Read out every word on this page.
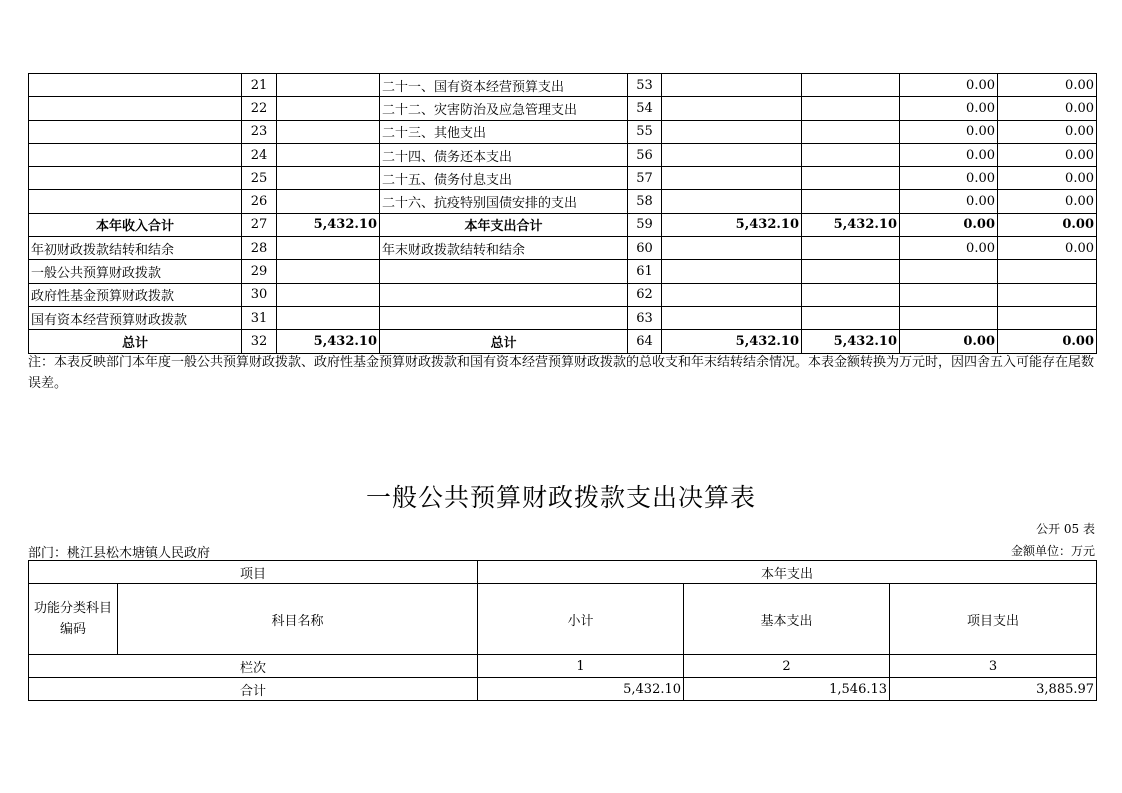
	21		二十一、国有资本经营预算支出	53			0.00	0.00
	22		二十二、灾害防治及应急管理支出	54			0.00	0.00
	23		二十三、其他支出	55			0.00	0.00
	24		二十四、债务还本支出	56			0.00	0.00
	25		二十五、债务付息支出	57			0.00	0.00
	26		二十六、抗疫特别国债安排的支出	58			0.00	0.00
本年收入合计	27	5,432.10	本年支出合计	59	5,432.10	5,432.10	0.00	0.00
年初财政拨款结转和结余	28		年末财政拨款结转和结余	60			0.00	0.00
一般公共预算财政拨款	29			61				
政府性基金预算财政拨款	30			62				
国有资本经营预算财政拨款	31			63				
总计	32	5,432.10	总计	64	5,432.10	5,432.10	0.00	0.00
注：本表反映部门本年度一般公共预算财政拨款、政府性基金预算财政拨款和国有资本经营预算财政拨款的总收支和年末结转结余情况。本表金额转换为万元时，因四舍五入可能存在尾数误差。
一般公共预算财政拨款支出决算表
公开 05 表
部门：桃江县松木塘镇人民政府	金额单位：万元
项目		本年支出		
功能分类科目编码	科目名称	小计	基本支出	项目支出
栏次		1	2	3
合计		5,432.10	1,546.13	3,885.97
